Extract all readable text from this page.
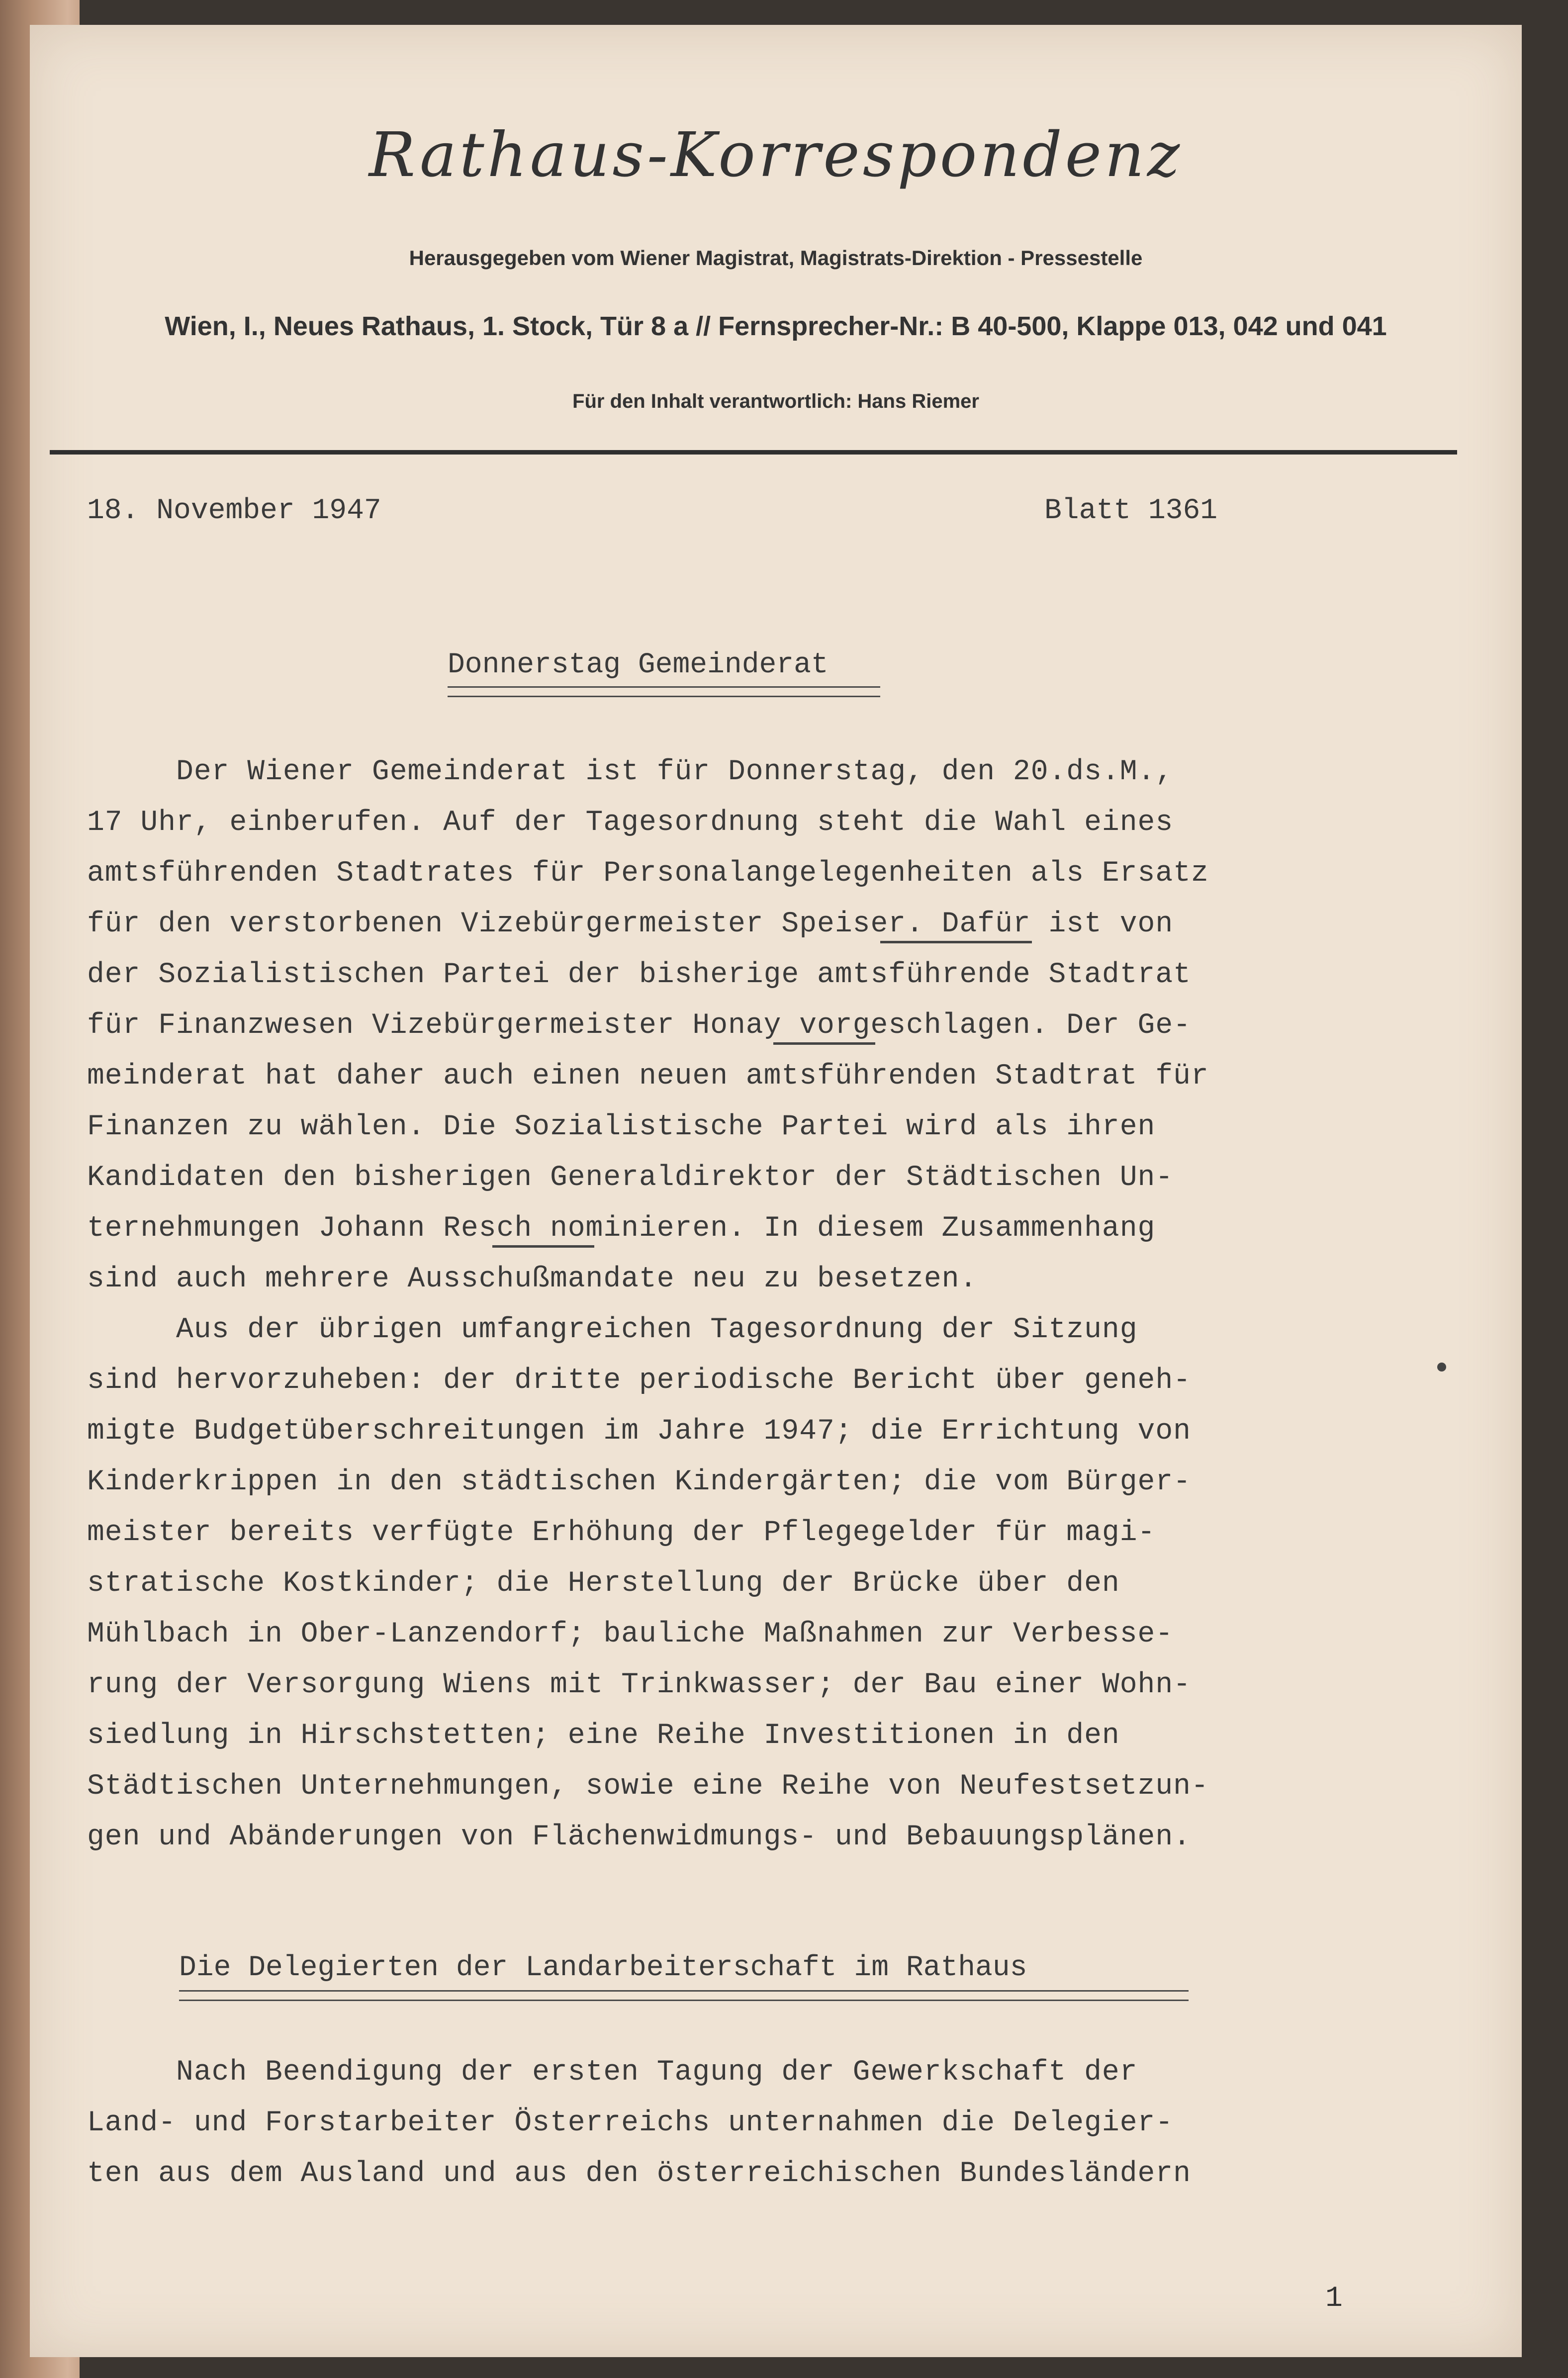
Rathaus-Korrespondenz
Herausgegeben vom Wiener Magistrat, Magistrats-Direktion - Pressestelle
Wien, I., Neues Rathaus, 1. Stock, Tür 8 a // Fernsprecher-Nr.: B 40-500, Klappe 013, 042 und 041
Für den Inhalt verantwortlich: Hans Riemer
18. November 1947	Blatt 1361
Donnerstag Gemeinderat
Der Wiener Gemeinderat ist für Donnerstag, den 20.ds.M.,
17 Uhr, einberufen. Auf der Tagesordnung steht die Wahl eines
amtsführenden Stadtrates für Personalangelegenheiten als Ersatz
für den verstorbenen Vizebürgermeister Speiser. Dafür ist von
der Sozialistischen Partei der bisherige amtsführende Stadtrat
für Finanzwesen Vizebürgermeister Honay vorgeschlagen. Der Ge-
meinderat hat daher auch einen neuen amtsführenden Stadtrat für
Finanzen zu wählen. Die Sozialistische Partei wird als ihren
Kandidaten den bisherigen Generaldirektor der Städtischen Un-
ternehmungen Johann Resch nominieren. In diesem Zusammenhang
sind auch mehrere Ausschußmandate neu zu besetzen.
Aus der übrigen umfangreichen Tagesordnung der Sitzung
sind hervorzuheben: der dritte periodische Bericht über geneh-
migte Budgetüberschreitungen im Jahre 1947; die Errichtung von
Kinderkrippen in den städtischen Kindergärten; die vom Bürger-
meister bereits verfügte Erhöhung der Pflegegelder für magi-
stratische Kostkinder; die Herstellung der Brücke über den
Mühlbach in Ober-Lanzendorf; bauliche Maßnahmen zur Verbesse-
rung der Versorgung Wiens mit Trinkwasser; der Bau einer Wohn-
siedlung in Hirschstetten; eine Reihe Investitionen in den
Städtischen Unternehmungen, sowie eine Reihe von Neufestsetzun-
gen und Abänderungen von Flächenwidmungs- und Bebauungsplänen.
Die Delegierten der Landarbeiterschaft im Rathaus
Nach Beendigung der ersten Tagung der Gewerkschaft der
Land- und Forstarbeiter Österreichs unternahmen die Delegier-
ten aus dem Ausland und aus den österreichischen Bundesländern
1
